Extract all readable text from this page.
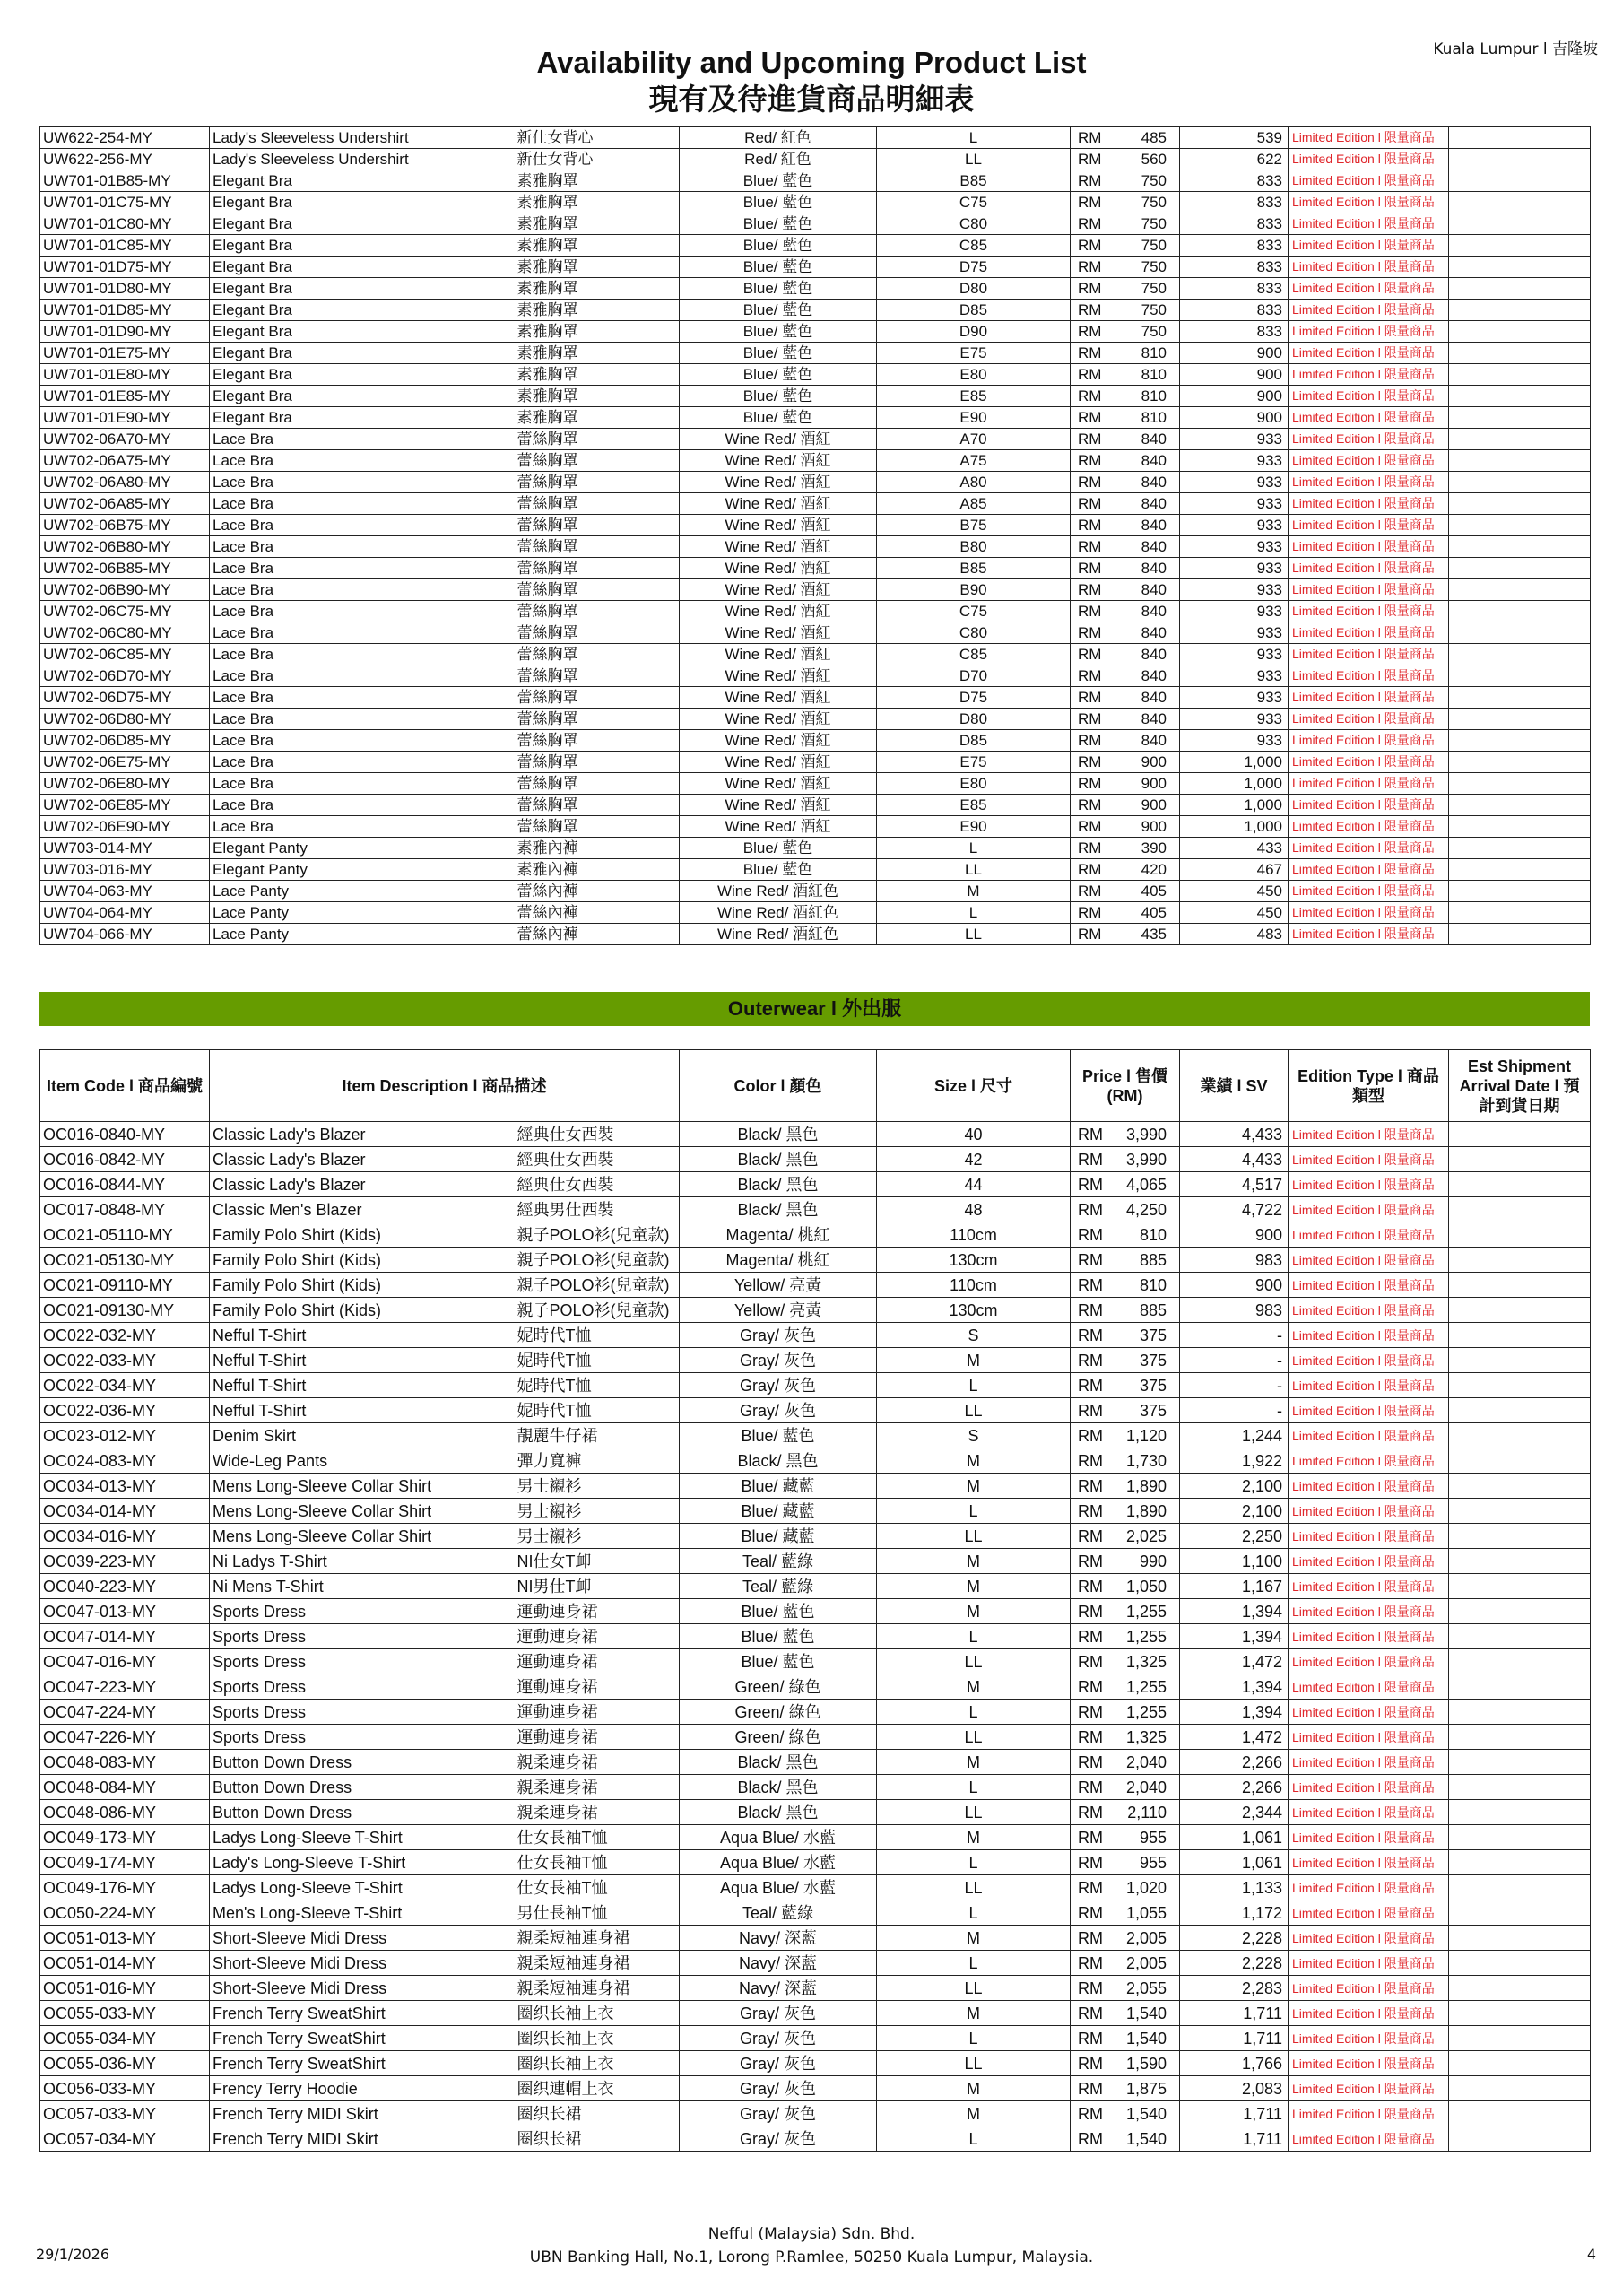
Kuala Lumpur l 吉隆坡
Availability and Upcoming Product List
現有及待進貨商品明細表
UW622-254-MY	Lady's Sleeveless Undershirt	新仕女背心	Red/ 紅色	L	RM	485	539	Limited Edition l 限量商品	
UW622-256-MY	Lady's Sleeveless Undershirt	新仕女背心	Red/ 紅色	LL	RM	560	622	Limited Edition l 限量商品	
UW701-01B85-MY	Elegant Bra	素雅胸罩	Blue/ 藍色	B85	RM	750	833	Limited Edition l 限量商品	
UW701-01C75-MY	Elegant Bra	素雅胸罩	Blue/ 藍色	C75	RM	750	833	Limited Edition l 限量商品	
UW701-01C80-MY	Elegant Bra	素雅胸罩	Blue/ 藍色	C80	RM	750	833	Limited Edition l 限量商品	
UW701-01C85-MY	Elegant Bra	素雅胸罩	Blue/ 藍色	C85	RM	750	833	Limited Edition l 限量商品	
UW701-01D75-MY	Elegant Bra	素雅胸罩	Blue/ 藍色	D75	RM	750	833	Limited Edition l 限量商品	
UW701-01D80-MY	Elegant Bra	素雅胸罩	Blue/ 藍色	D80	RM	750	833	Limited Edition l 限量商品	
UW701-01D85-MY	Elegant Bra	素雅胸罩	Blue/ 藍色	D85	RM	750	833	Limited Edition l 限量商品	
UW701-01D90-MY	Elegant Bra	素雅胸罩	Blue/ 藍色	D90	RM	750	833	Limited Edition l 限量商品	
UW701-01E75-MY	Elegant Bra	素雅胸罩	Blue/ 藍色	E75	RM	810	900	Limited Edition l 限量商品	
UW701-01E80-MY	Elegant Bra	素雅胸罩	Blue/ 藍色	E80	RM	810	900	Limited Edition l 限量商品	
UW701-01E85-MY	Elegant Bra	素雅胸罩	Blue/ 藍色	E85	RM	810	900	Limited Edition l 限量商品	
UW701-01E90-MY	Elegant Bra	素雅胸罩	Blue/ 藍色	E90	RM	810	900	Limited Edition l 限量商品	
UW702-06A70-MY	Lace Bra	蕾絲胸罩	Wine Red/ 酒紅	A70	RM	840	933	Limited Edition l 限量商品	
UW702-06A75-MY	Lace Bra	蕾絲胸罩	Wine Red/ 酒紅	A75	RM	840	933	Limited Edition l 限量商品	
UW702-06A80-MY	Lace Bra	蕾絲胸罩	Wine Red/ 酒紅	A80	RM	840	933	Limited Edition l 限量商品	
UW702-06A85-MY	Lace Bra	蕾絲胸罩	Wine Red/ 酒紅	A85	RM	840	933	Limited Edition l 限量商品	
UW702-06B75-MY	Lace Bra	蕾絲胸罩	Wine Red/ 酒紅	B75	RM	840	933	Limited Edition l 限量商品	
UW702-06B80-MY	Lace Bra	蕾絲胸罩	Wine Red/ 酒紅	B80	RM	840	933	Limited Edition l 限量商品	
UW702-06B85-MY	Lace Bra	蕾絲胸罩	Wine Red/ 酒紅	B85	RM	840	933	Limited Edition l 限量商品	
UW702-06B90-MY	Lace Bra	蕾絲胸罩	Wine Red/ 酒紅	B90	RM	840	933	Limited Edition l 限量商品	
UW702-06C75-MY	Lace Bra	蕾絲胸罩	Wine Red/ 酒紅	C75	RM	840	933	Limited Edition l 限量商品	
UW702-06C80-MY	Lace Bra	蕾絲胸罩	Wine Red/ 酒紅	C80	RM	840	933	Limited Edition l 限量商品	
UW702-06C85-MY	Lace Bra	蕾絲胸罩	Wine Red/ 酒紅	C85	RM	840	933	Limited Edition l 限量商品	
UW702-06D70-MY	Lace Bra	蕾絲胸罩	Wine Red/ 酒紅	D70	RM	840	933	Limited Edition l 限量商品	
UW702-06D75-MY	Lace Bra	蕾絲胸罩	Wine Red/ 酒紅	D75	RM	840	933	Limited Edition l 限量商品	
UW702-06D80-MY	Lace Bra	蕾絲胸罩	Wine Red/ 酒紅	D80	RM	840	933	Limited Edition l 限量商品	
UW702-06D85-MY	Lace Bra	蕾絲胸罩	Wine Red/ 酒紅	D85	RM	840	933	Limited Edition l 限量商品	
UW702-06E75-MY	Lace Bra	蕾絲胸罩	Wine Red/ 酒紅	E75	RM	900	1,000	Limited Edition l 限量商品	
UW702-06E80-MY	Lace Bra	蕾絲胸罩	Wine Red/ 酒紅	E80	RM	900	1,000	Limited Edition l 限量商品	
UW702-06E85-MY	Lace Bra	蕾絲胸罩	Wine Red/ 酒紅	E85	RM	900	1,000	Limited Edition l 限量商品	
UW702-06E90-MY	Lace Bra	蕾絲胸罩	Wine Red/ 酒紅	E90	RM	900	1,000	Limited Edition l 限量商品	
UW703-014-MY	Elegant Panty	素雅內褲	Blue/ 藍色	L	RM	390	433	Limited Edition l 限量商品	
UW703-016-MY	Elegant Panty	素雅內褲	Blue/ 藍色	LL	RM	420	467	Limited Edition l 限量商品	
UW704-063-MY	Lace Panty	蕾絲內褲	Wine Red/ 酒紅色	M	RM	405	450	Limited Edition l 限量商品	
UW704-064-MY	Lace Panty	蕾絲內褲	Wine Red/ 酒紅色	L	RM	405	450	Limited Edition l 限量商品	
UW704-066-MY	Lace Panty	蕾絲內褲	Wine Red/ 酒紅色	LL	RM	435	483	Limited Edition l 限量商品	
Outerwear l 外出服
Item Code l 商品編號	Item Description l 商品描述		Color l 顏色	Size l 尺寸	Price l 售價 (RM)		業績 l SV	Edition Type l 商品類型	Est Shipment Arrival Date l 預計到貨日期
OC016-0840-MY	Classic Lady's Blazer	經典仕女西裝	Black/ 黑色	40	RM	3,990	4,433	Limited Edition l 限量商品	
OC016-0842-MY	Classic Lady's Blazer	經典仕女西裝	Black/ 黑色	42	RM	3,990	4,433	Limited Edition l 限量商品	
OC016-0844-MY	Classic Lady's Blazer	經典仕女西裝	Black/ 黑色	44	RM	4,065	4,517	Limited Edition l 限量商品	
OC017-0848-MY	Classic Men's Blazer	經典男仕西裝	Black/ 黑色	48	RM	4,250	4,722	Limited Edition l 限量商品	
OC021-05110-MY	Family Polo Shirt (Kids)	親子POLO衫(兒童款)	Magenta/ 桃紅	110cm	RM	810	900	Limited Edition l 限量商品	
OC021-05130-MY	Family Polo Shirt (Kids)	親子POLO衫(兒童款)	Magenta/ 桃紅	130cm	RM	885	983	Limited Edition l 限量商品	
OC021-09110-MY	Family Polo Shirt (Kids)	親子POLO衫(兒童款)	Yellow/ 亮黃	110cm	RM	810	900	Limited Edition l 限量商品	
OC021-09130-MY	Family Polo Shirt (Kids)	親子POLO衫(兒童款)	Yellow/ 亮黃	130cm	RM	885	983	Limited Edition l 限量商品	
OC022-032-MY	Nefful T-Shirt	妮時代T恤	Gray/ 灰色	S	RM	375	-	Limited Edition l 限量商品	
OC022-033-MY	Nefful T-Shirt	妮時代T恤	Gray/ 灰色	M	RM	375	-	Limited Edition l 限量商品	
OC022-034-MY	Nefful T-Shirt	妮時代T恤	Gray/ 灰色	L	RM	375	-	Limited Edition l 限量商品	
OC022-036-MY	Nefful T-Shirt	妮時代T恤	Gray/ 灰色	LL	RM	375	-	Limited Edition l 限量商品	
OC023-012-MY	Denim Skirt	靚麗牛仔裙	Blue/ 藍色	S	RM	1,120	1,244	Limited Edition l 限量商品	
OC024-083-MY	Wide-Leg Pants	彈力寬褲	Black/ 黑色	M	RM	1,730	1,922	Limited Edition l 限量商品	
OC034-013-MY	Mens Long-Sleeve Collar Shirt	男士襯衫	Blue/ 藏藍	M	RM	1,890	2,100	Limited Edition l 限量商品	
OC034-014-MY	Mens Long-Sleeve Collar Shirt	男士襯衫	Blue/ 藏藍	L	RM	1,890	2,100	Limited Edition l 限量商品	
OC034-016-MY	Mens Long-Sleeve Collar Shirt	男士襯衫	Blue/ 藏藍	LL	RM	2,025	2,250	Limited Edition l 限量商品	
OC039-223-MY	Ni Ladys T-Shirt	NI仕女T卹	Teal/ 藍綠	M	RM	990	1,100	Limited Edition l 限量商品	
OC040-223-MY	Ni Mens T-Shirt	NI男仕T卹	Teal/ 藍綠	M	RM	1,050	1,167	Limited Edition l 限量商品	
OC047-013-MY	Sports Dress	運動連身裙	Blue/ 藍色	M	RM	1,255	1,394	Limited Edition l 限量商品	
OC047-014-MY	Sports Dress	運動連身裙	Blue/ 藍色	L	RM	1,255	1,394	Limited Edition l 限量商品	
OC047-016-MY	Sports Dress	運動連身裙	Blue/ 藍色	LL	RM	1,325	1,472	Limited Edition l 限量商品	
OC047-223-MY	Sports Dress	運動連身裙	Green/ 綠色	M	RM	1,255	1,394	Limited Edition l 限量商品	
OC047-224-MY	Sports Dress	運動連身裙	Green/ 綠色	L	RM	1,255	1,394	Limited Edition l 限量商品	
OC047-226-MY	Sports Dress	運動連身裙	Green/ 綠色	LL	RM	1,325	1,472	Limited Edition l 限量商品	
OC048-083-MY	Button Down Dress	親柔連身裙	Black/ 黑色	M	RM	2,040	2,266	Limited Edition l 限量商品	
OC048-084-MY	Button Down Dress	親柔連身裙	Black/ 黑色	L	RM	2,040	2,266	Limited Edition l 限量商品	
OC048-086-MY	Button Down Dress	親柔連身裙	Black/ 黑色	LL	RM	2,110	2,344	Limited Edition l 限量商品	
OC049-173-MY	Ladys Long-Sleeve T-Shirt	仕女長袖T恤	Aqua Blue/ 水藍	M	RM	955	1,061	Limited Edition l 限量商品	
OC049-174-MY	Lady's Long-Sleeve T-Shirt	仕女長袖T恤	Aqua Blue/ 水藍	L	RM	955	1,061	Limited Edition l 限量商品	
OC049-176-MY	Ladys Long-Sleeve T-Shirt	仕女長袖T恤	Aqua Blue/ 水藍	LL	RM	1,020	1,133	Limited Edition l 限量商品	
OC050-224-MY	Men's Long-Sleeve T-Shirt	男仕長袖T恤	Teal/ 藍綠	L	RM	1,055	1,172	Limited Edition l 限量商品	
OC051-013-MY	Short-Sleeve Midi Dress	親柔短袖連身裙	Navy/ 深藍	M	RM	2,005	2,228	Limited Edition l 限量商品	
OC051-014-MY	Short-Sleeve Midi Dress	親柔短袖連身裙	Navy/ 深藍	L	RM	2,005	2,228	Limited Edition l 限量商品	
OC051-016-MY	Short-Sleeve Midi Dress	親柔短袖連身裙	Navy/ 深藍	LL	RM	2,055	2,283	Limited Edition l 限量商品	
OC055-033-MY	French Terry SweatShirt	圈织长袖上衣	Gray/ 灰色	M	RM	1,540	1,711	Limited Edition l 限量商品	
OC055-034-MY	French Terry SweatShirt	圈织长袖上衣	Gray/ 灰色	L	RM	1,540	1,711	Limited Edition l 限量商品	
OC055-036-MY	French Terry SweatShirt	圈织长袖上衣	Gray/ 灰色	LL	RM	1,590	1,766	Limited Edition l 限量商品	
OC056-033-MY	Frency Terry Hoodie	圈织連帽上衣	Gray/ 灰色	M	RM	1,875	2,083	Limited Edition l 限量商品	
OC057-033-MY	French Terry MIDI Skirt	圈织长裙	Gray/ 灰色	M	RM	1,540	1,711	Limited Edition l 限量商品	
OC057-034-MY	French Terry MIDI Skirt	圈织长裙	Gray/ 灰色	L	RM	1,540	1,711	Limited Edition l 限量商品	
Nefful (Malaysia) Sdn. Bhd.
UBN Banking Hall, No.1, Lorong P.Ramlee, 50250 Kuala Lumpur, Malaysia.
29/1/2026	4
